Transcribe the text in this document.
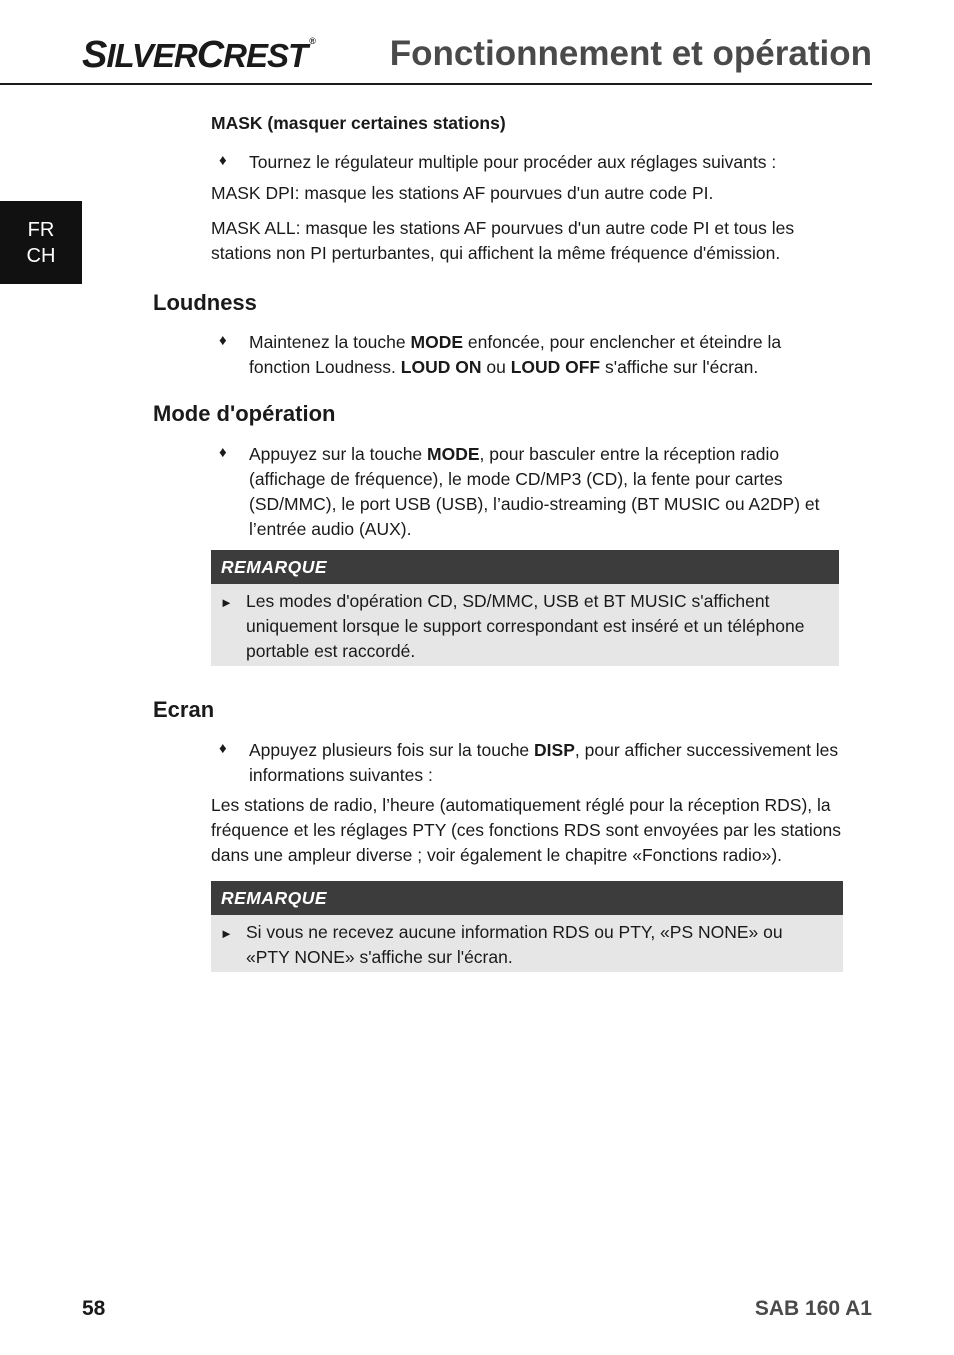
SILVERCREST ® Fonctionnement et opération
FR
CH
MASK (masquer certaines stations)
♦ Tournez le régulateur multiple pour procéder aux réglages suivants :
MASK DPI: masque les stations AF pourvues d'un autre code PI.
MASK ALL: masque les stations AF pourvues d'un autre code PI et tous les
stations non PI perturbantes, qui affichent la même fréquence d'émission.
Loudness
♦ Maintenez la touche MODE enfoncée, pour enclencher et éteindre la
fonction Loudness. LOUD ON ou LOUD OFF s'affiche sur l'écran.
Mode d'opération
♦ Appuyez sur la touche MODE, pour basculer entre la réception radio
(affichage de fréquence), le mode CD/MP3 (CD), la fente pour cartes
(SD/MMC), le port USB (USB), l’audio-streaming (BT MUSIC ou A2DP) et
l’entrée audio (AUX).
REMARQUE
► Les modes d'opération CD, SD/MMC, USB et BT MUSIC s'affichent
uniquement lorsque le support correspondant est inséré et un téléphone
portable est raccordé.
Ecran
♦ Appuyez plusieurs fois sur la touche DISP, pour afficher successivement les
informations suivantes :
Les stations de radio, l’heure (automatiquement réglé pour la réception RDS), la
fréquence et les réglages PTY (ces fonctions RDS sont envoyées par les stations
dans une ampleur diverse ; voir également le chapitre «Fonctions radio»).
REMARQUE
► Si vous ne recevez aucune information RDS ou PTY, «PS NONE» ou
«PTY NONE» s'affiche sur l'écran.
58	SAB 160 A1
